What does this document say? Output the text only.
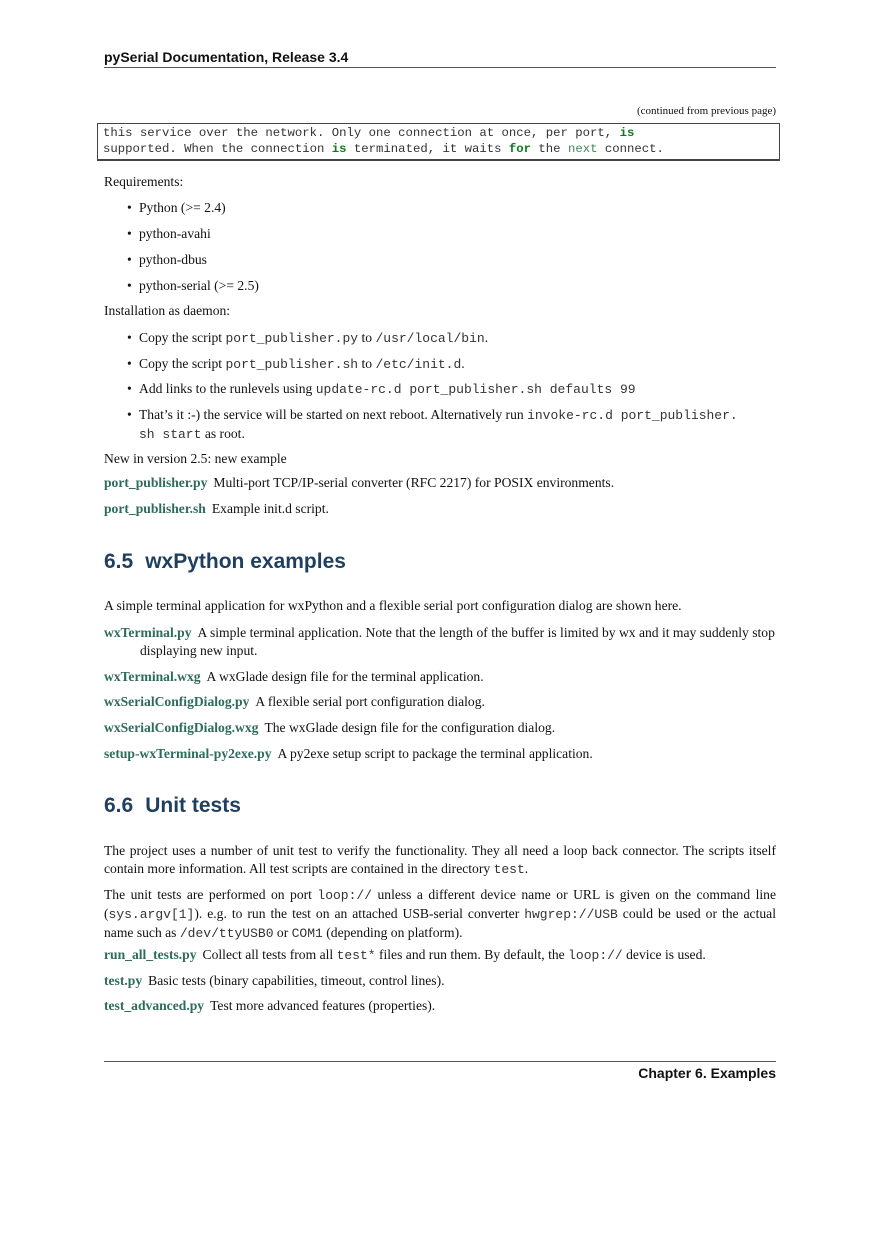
pySerial Documentation, Release 3.4
(continued from previous page)
this service over the network. Only one connection at once, per port, is
supported. When the connection is terminated, it waits for the next connect.
Requirements:
• Python (>= 2.4)
• python-avahi
• python-dbus
• python-serial (>= 2.5)
Installation as daemon:
• Copy the script port_publisher.py to /usr/local/bin.
• Copy the script port_publisher.sh to /etc/init.d.
• Add links to the runlevels using update-rc.d port_publisher.sh defaults 99
• That’s it :-) the service will be started on next reboot. Alternatively run invoke-rc.d port_publisher.
sh start as root.
New in version 2.5: new example
port_publisher.py Multi-port TCP/IP-serial converter (RFC 2217) for POSIX environments.
port_publisher.sh Example init.d script.
6.5 wxPython examples
A simple terminal application for wxPython and a flexible serial port configuration dialog are shown here.
wxTerminal.py A simple terminal application. Note that the length of the buffer is limited by wx and it may suddenly stop displaying new input.
wxTerminal.wxg A wxGlade design file for the terminal application.
wxSerialConfigDialog.py A flexible serial port configuration dialog.
wxSerialConfigDialog.wxg The wxGlade design file for the configuration dialog.
setup-wxTerminal-py2exe.py A py2exe setup script to package the terminal application.
6.6 Unit tests
The project uses a number of unit test to verify the functionality. They all need a loop back connector. The scripts itself contain more information. All test scripts are contained in the directory test.
The unit tests are performed on port loop:// unless a different device name or URL is given on the command line (sys.argv[1]). e.g. to run the test on an attached USB-serial converter hwgrep://USB could be used or the actual name such as /dev/ttyUSB0 or COM1 (depending on platform).
run_all_tests.py Collect all tests from all test* files and run them. By default, the loop:// device is used.
test.py Basic tests (binary capabilities, timeout, control lines).
test_advanced.py Test more advanced features (properties).
Chapter 6. Examples
